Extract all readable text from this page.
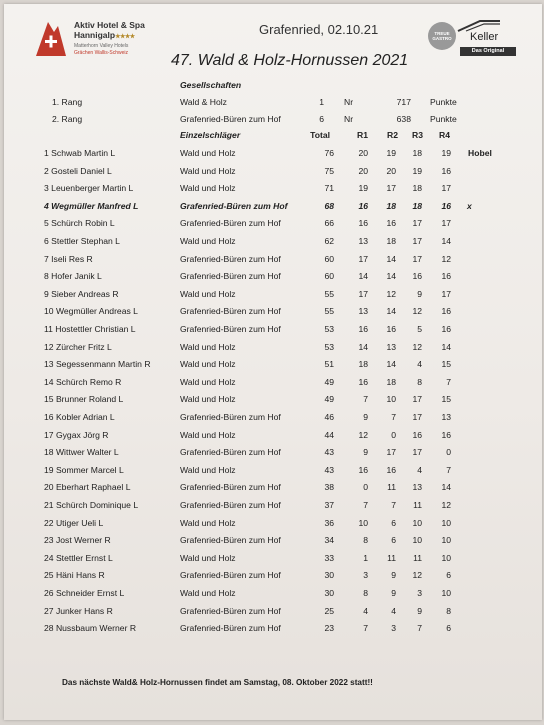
Aktiv Hotel & Spa
Hannigalp★★★★
Matterhorn Valley Hotels
Grächen Wallis-Schweiz
Grafenried, 02.10.21
47. Wald & Holz-Hornussen 2021
TREUE GASTRO	Keller
Das Original
Gesellschaften
1. Rang	Wald & Holz	1 Nr	717 Punkte
2. Rang	Grafenried-Büren zum Hof	6 Nr	638 Punkte
Einzelschläger	Total	R1	R2	R3	R4
1 Schwab Martin L	Wald und Holz	76	20	19	18	19 Hobel
2 Gosteli Daniel L	Wald und Holz	75	20	20	19	16
3 Leuenberger Martin L	Wald und Holz	71	19	17	18	17
4 Wegmüller Manfred L	Grafenried-Büren zum Hof	68	16	18	18	16 x
5 Schürch Robin L	Grafenried-Büren zum Hof	66	16	16	17	17
6 Stettler Stephan L	Wald und Holz	62	13	18	17	14
7 Iseli Res R	Grafenried-Büren zum Hof	60	17	14	17	12
8 Hofer Janik L	Grafenried-Büren zum Hof	60	14	14	16	16
9 Sieber Andreas R	Wald und Holz	55	17	12	9	17
10 Wegmüller Andreas L	Grafenried-Büren zum Hof	55	13	14	12	16
11 Hostettler Christian L	Grafenried-Büren zum Hof	53	16	16	5	16
12 Zürcher Fritz L	Wald und Holz	53	14	13	12	14
13 Segessenmann Martin R	Wald und Holz	51	18	14	4	15
14 Schürch Remo R	Wald und Holz	49	16	18	8	7
15 Brunner Roland L	Wald und Holz	49	7	10	17	15
16 Kobler Adrian L	Grafenried-Büren zum Hof	46	9	7	17	13
17 Gygax Jörg R	Wald und Holz	44	12	0	16	16
18 Wittwer Walter L	Grafenried-Büren zum Hof	43	9	17	17	0
19 Sommer Marcel L	Wald und Holz	43	16	16	4	7
20 Eberhart Raphael L	Grafenried-Büren zum Hof	38	0	11	13	14
21 Schürch Dominique L	Grafenried-Büren zum Hof	37	7	7	11	12
22 Utiger Ueli L	Wald und Holz	36	10	6	10	10
23 Jost Werner R	Grafenried-Büren zum Hof	34	8	6	10	10
24 Stettler Ernst L	Wald und Holz	33	1	11	11	10
25 Häni Hans R	Grafenried-Büren zum Hof	30	3	9	12	6
26 Schneider Ernst L	Wald und Holz	30	8	9	3	10
27 Junker Hans R	Grafenried-Büren zum Hof	25	4	4	9	8
28 Nussbaum Werner R	Grafenried-Büren zum Hof	23	7	3	7	6
Das nächste Wald& Holz-Hornussen findet am Samstag, 08. Oktober 2022 statt!!
